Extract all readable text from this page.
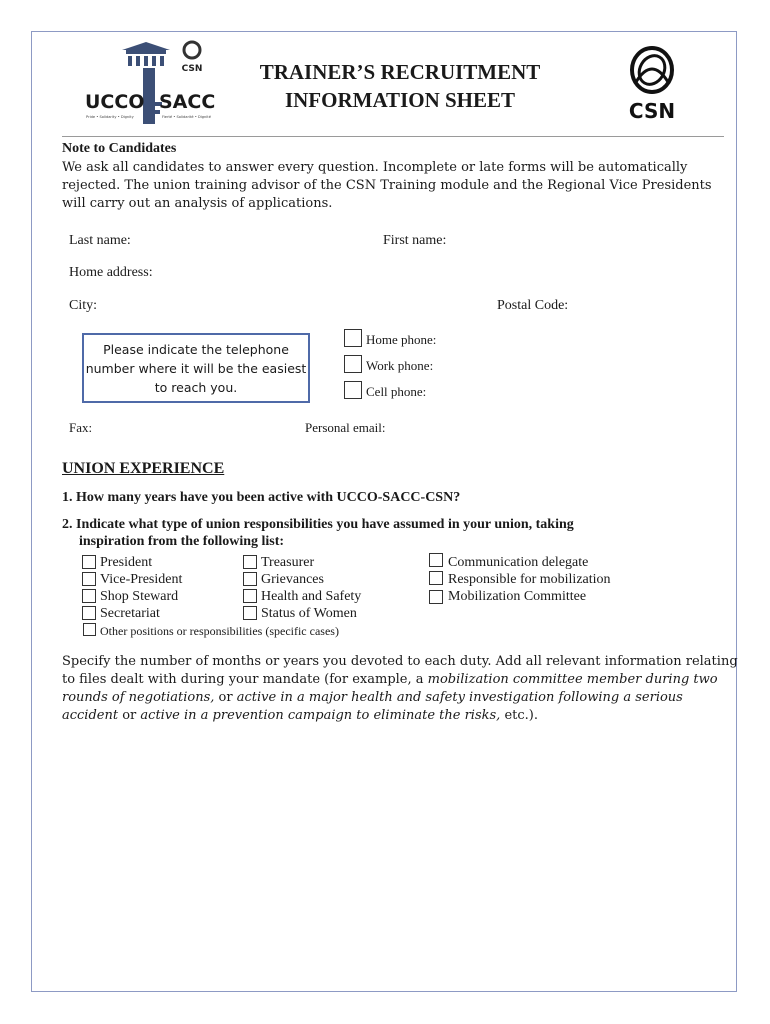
CSN
UCCO SACC
Pride • Solidarity • Dignity	Fierté • Solidarité • Dignité
TRAINER’S RECRUITMENT
INFORMATION SHEET	CSN
Note to Candidates
We ask all candidates to answer every question. Incomplete or late forms will be automatically rejected. The union training advisor of the CSN Training module and the Regional Vice Presidents will carry out an analysis of applications.
Last name:	First name:
Home address:
City:	Postal Code:
Please indicate the telephone number where it will be the easiest to reach you.
Home phone:
Work phone:
Cell phone:
Fax:	Personal email:
UNION EXPERIENCE
1. How many years have you been active with UCCO-SACC-CSN?
2. Indicate what type of union responsibilities you have assumed in your union, taking
inspiration from the following list:
President
Vice-President
Shop Steward
Secretariat
Treasurer
Grievances
Health and Safety
Status of Women
Communication delegate
Responsible for mobilization
Mobilization Committee
Other positions or responsibilities (specific cases)
Specify the number of months or years you devoted to each duty. Add all relevant information relating to files dealt with during your mandate (for example, a mobilization committee member during two rounds of negotiations, or active in a major health and safety investigation following a serious accident or active in a prevention campaign to eliminate the risks, etc.).
